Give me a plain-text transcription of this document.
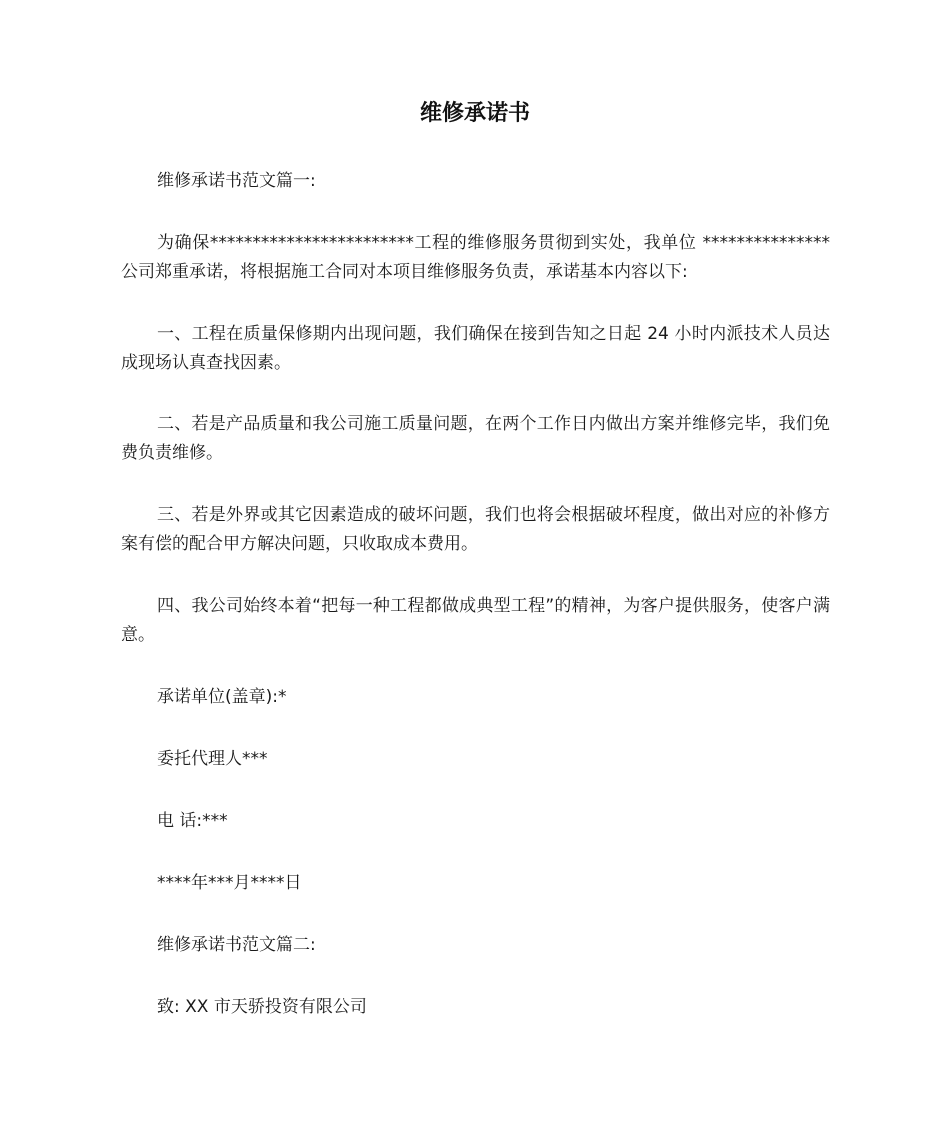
维修承诺书
维修承诺书范文篇一:
为确保************************工程的维修服务贯彻到实处，我单位 ***************公司郑重承诺，将根据施工合同对本项目维修服务负责，承诺基本内容以下:
一、工程在质量保修期内出现问题，我们确保在接到告知之日起 24 小时内派技术人员达成现场认真查找因素。
二、若是产品质量和我公司施工质量问题，在两个工作日内做出方案并维修完毕，我们免费负责维修。
三、若是外界或其它因素造成的破坏问题，我们也将会根据破坏程度，做出对应的补修方案有偿的配合甲方解决问题，只收取成本费用。
四、我公司始终本着“把每一种工程都做成典型工程”的精神，为客户提供服务，使客户满意。
承诺单位(盖章):*
委托代理人***
电 话:***
****年***月****日
维修承诺书范文篇二:
致: XX 市天骄投资有限公司
